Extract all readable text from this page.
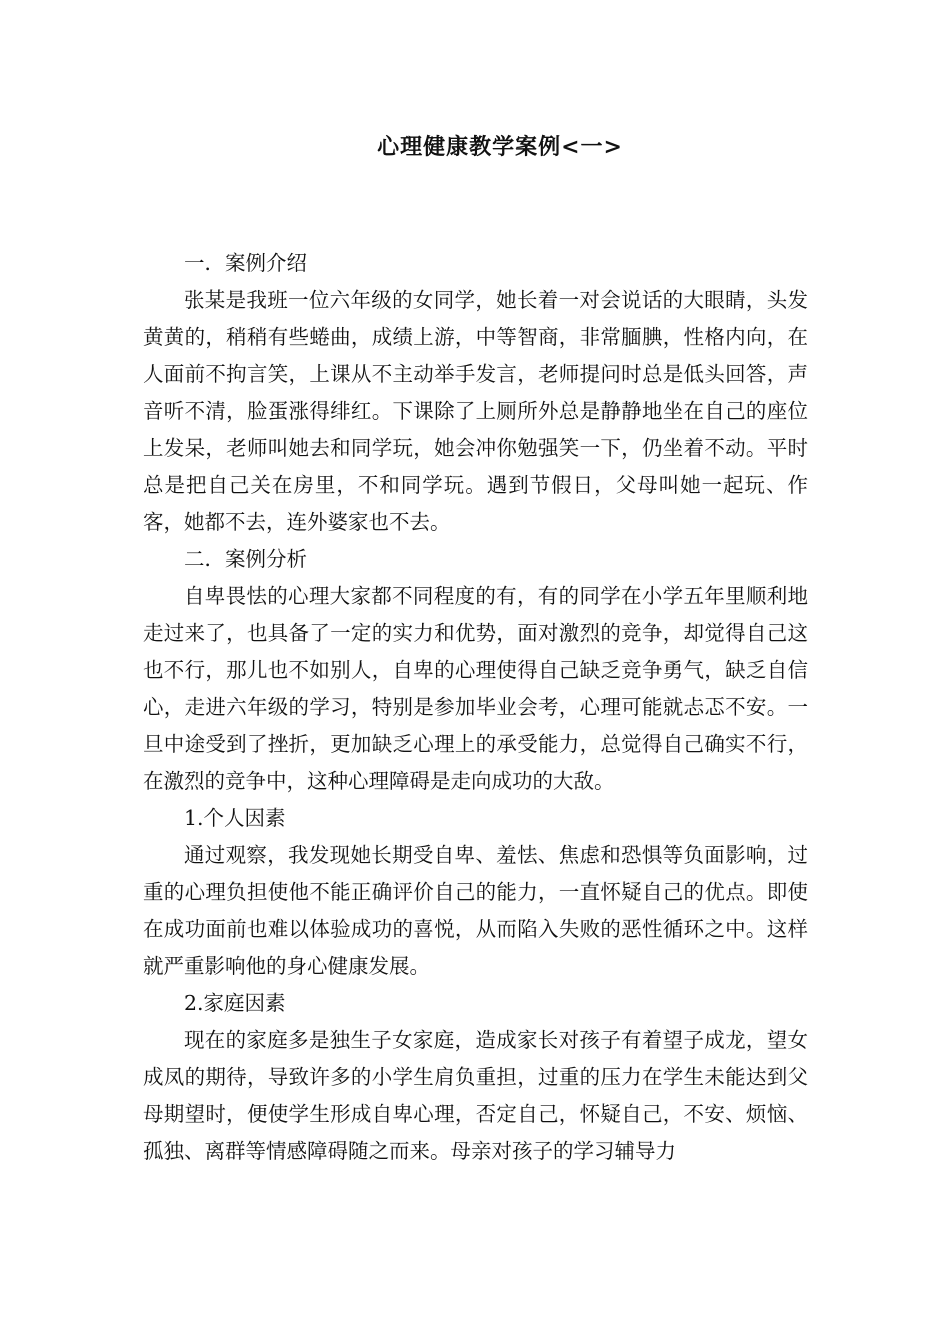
心理健康教学案例<一>

一．案例介绍

张某是我班一位六年级的女同学，她长着一对会说话的大眼睛，头发黄黄的，稍稍有些蜷曲，成绩上游，中等智商，非常腼腆，性格内向，在人面前不拘言笑，上课从不主动举手发言，老师提问时总是低头回答，声音听不清，脸蛋涨得绯红。下课除了上厕所外总是静静地坐在自己的座位上发呆，老师叫她去和同学玩，她会冲你勉强笑一下，仍坐着不动。平时总是把自己关在房里，不和同学玩。遇到节假日，父母叫她一起玩、作客，她都不去，连外婆家也不去。

二．案例分析

自卑畏怯的心理大家都不同程度的有，有的同学在小学五年里顺利地走过来了，也具备了一定的实力和优势，面对激烈的竞争，却觉得自己这也不行，那儿也不如别人，自卑的心理使得自己缺乏竞争勇气，缺乏自信心，走进六年级的学习，特别是参加毕业会考，心理可能就忐忑不安。一旦中途受到了挫折，更加缺乏心理上的承受能力，总觉得自己确实不行，在激烈的竞争中，这种心理障碍是走向成功的大敌。

1.个人因素

通过观察，我发现她长期受自卑、羞怯、焦虑和恐惧等负面影响，过重的心理负担使他不能正确评价自己的能力，一直怀疑自己的优点。即使在成功面前也难以体验成功的喜悦，从而陷入失败的恶性循环之中。这样就严重影响他的身心健康发展。

2.家庭因素

现在的家庭多是独生子女家庭，造成家长对孩子有着望子成龙，望女成凤的期待，导致许多的小学生肩负重担，过重的压力在学生未能达到父母期望时，便使学生形成自卑心理，否定自己，怀疑自己，不安、烦恼、孤独、离群等情感障碍随之而来。母亲对孩子的学习辅导力
